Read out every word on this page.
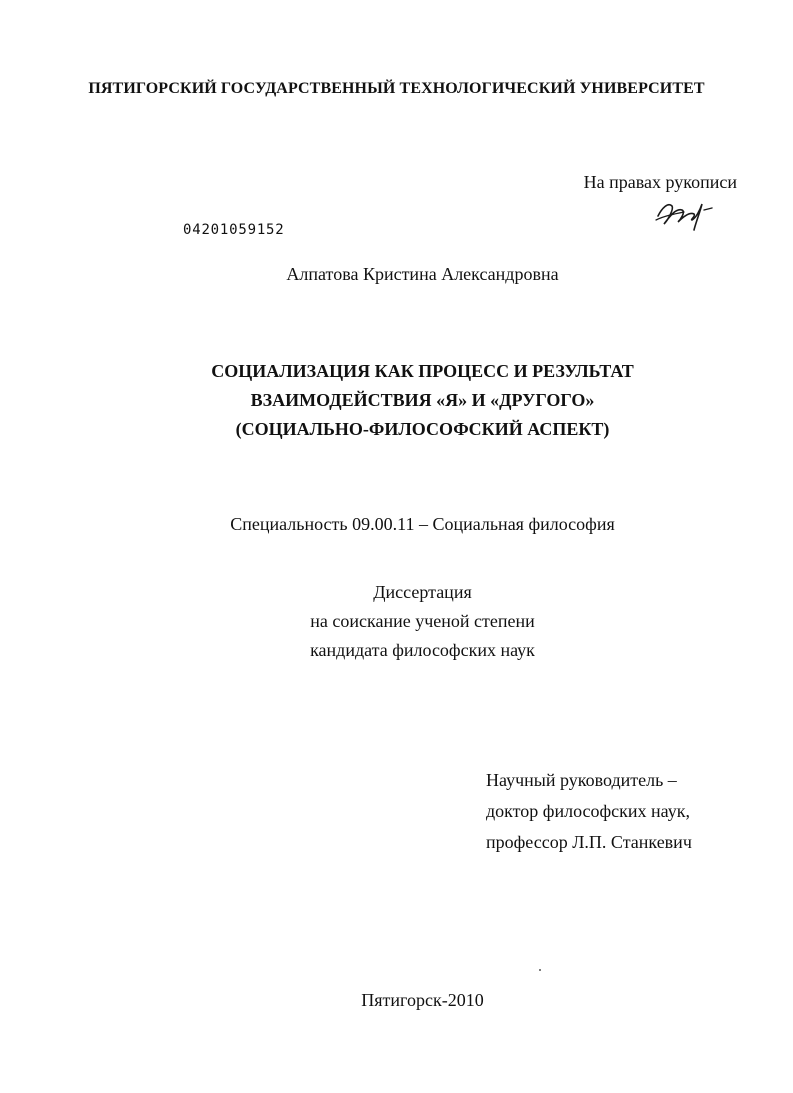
ПЯТИГОРСКИЙ ГОСУДАРСТВЕННЫЙ ТЕХНОЛОГИЧЕСКИЙ УНИВЕРСИТЕТ
На правах рукописи
04201059152
Алпатова Кристина Александровна
СОЦИАЛИЗАЦИЯ КАК ПРОЦЕСС И РЕЗУЛЬТАТ
ВЗАИМОДЕЙСТВИЯ «Я» И «ДРУГОГО»
(СОЦИАЛЬНО-ФИЛОСОФСКИЙ АСПЕКТ)
Специальность 09.00.11 – Социальная философия
Диссертация
на соискание ученой степени
кандидата философских наук
Научный руководитель –
доктор философских наук,
профессор Л.П. Станкевич
Пятигорск-2010
